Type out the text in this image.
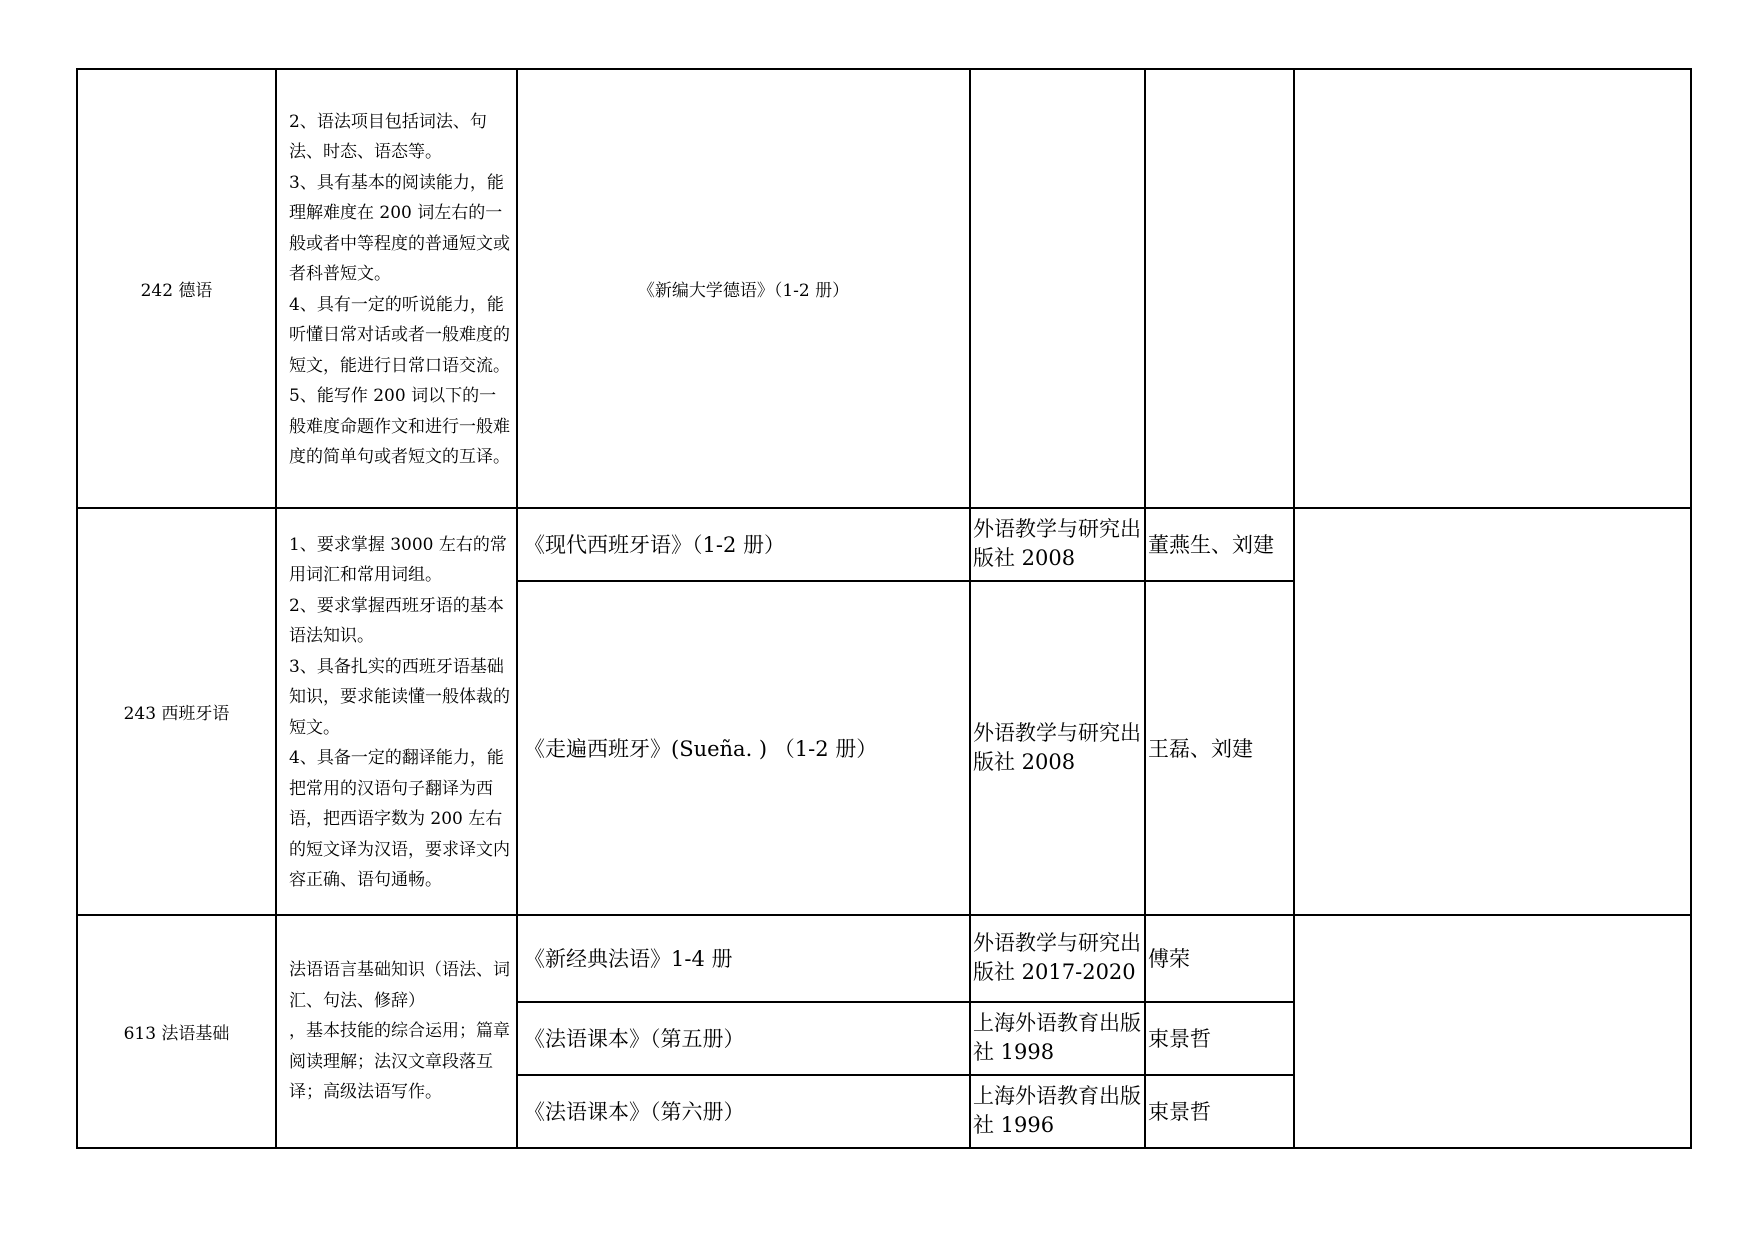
242 德语	2、语法项目包括词法、句法、时态、语态等。

3、具有基本的阅读能力，能理解难度在 200 词左右的一般或者中等程度的普通短文或者科普短文。

4、具有一定的听说能力，能听懂日常对话或者一般难度的短文，能进行日常口语交流。

5、能写作 200 词以下的一般难度命题作文和进行一般难度的简单句或者短文的互译。	《新编大学德语》（1-2 册）			
243 西班牙语	1、要求掌握 3000 左右的常用词汇和常用词组。

2、要求掌握西班牙语的基本语法知识。

3、具备扎实的西班牙语基础知识，要求能读懂一般体裁的短文。

4、具备一定的翻译能力，能把常用的汉语句子翻译为西语，把西语字数为 200 左右的短文译为汉语，要求译文内容正确、语句通畅。	《现代西班牙语》（1-2 册）	外语教学与研究出版社 2008	董燕生、刘建	
		《走遍西班牙》(Sueña. ) （1-2 册）	外语教学与研究出版社 2008	王磊、刘建	
613 法语基础	法语语言基础知识（语法、词汇、句法、修辞）

，基本技能的综合运用；篇章阅读理解；法汉文章段落互译；高级法语写作。	《新经典法语》1-4 册	外语教学与研究出版社 2017-2020	傅荣	
		《法语课本》（第五册）	上海外语教育出版社 1998	束景哲	
		《法语课本》（第六册）	上海外语教育出版社 1996	束景哲	
